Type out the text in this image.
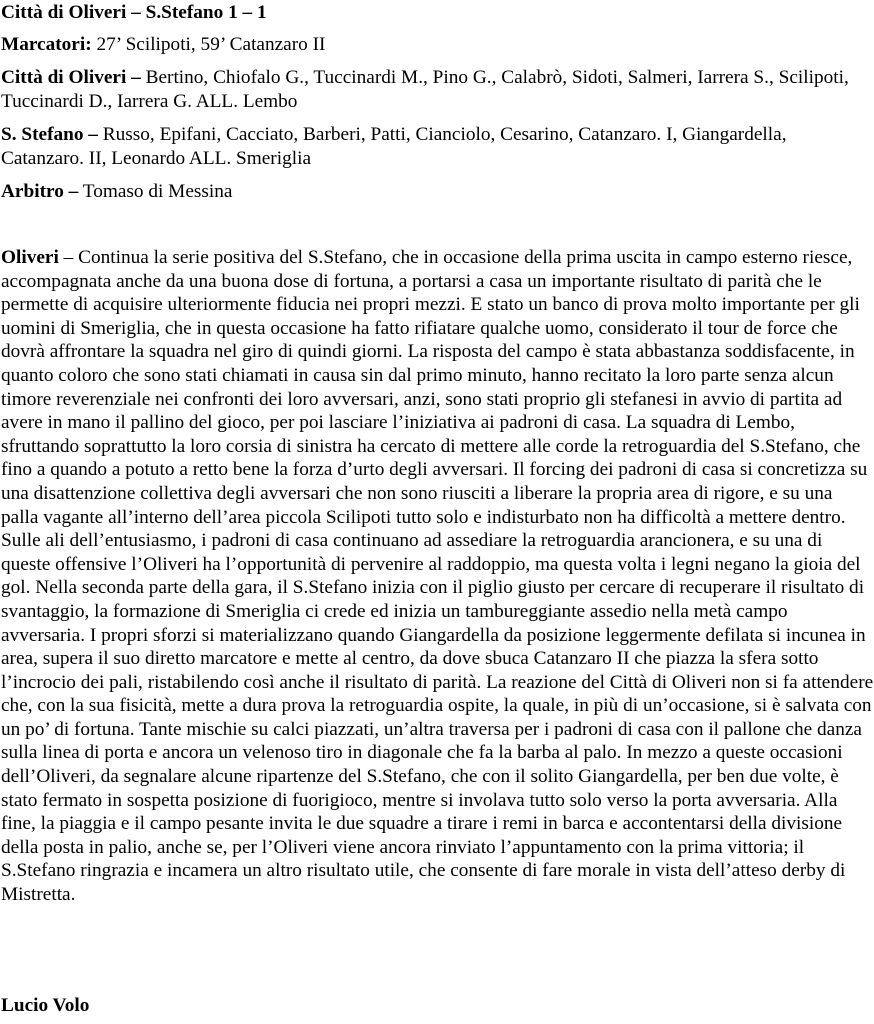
Città di Oliveri – S.Stefano 1 – 1

Marcatori: 27’ Scilipoti, 59’ Catanzaro II

Città di Oliveri – Bertino, Chiofalo G., Tuccinardi M., Pino G., Calabrò, Sidoti, Salmeri, Iarrera S., Scilipoti, Tuccinardi D., Iarrera G. ALL. Lembo

S. Stefano – Russo, Epifani, Cacciato, Barberi, Patti, Cianciolo, Cesarino, Catanzaro. I, Giangardella, Catanzaro. II, Leonardo ALL. Smeriglia

Arbitro – Tomaso di Messina

Oliveri – Continua la serie positiva del S.Stefano, che in occasione della prima uscita in campo esterno riesce, accompagnata anche da una buona dose di fortuna, a portarsi a casa un importante risultato di parità che le permette di acquisire ulteriormente fiducia nei propri mezzi. E stato un banco di prova molto importante per gli uomini di Smeriglia, che in questa occasione ha fatto rifiatare qualche uomo, considerato il tour de force che dovrà affrontare la squadra nel giro di quindi giorni. La risposta del campo è stata abbastanza soddisfacente, in quanto coloro che sono stati chiamati in causa sin dal primo minuto, hanno recitato la loro parte senza alcun timore reverenziale nei confronti dei loro avversari, anzi, sono stati proprio gli stefanesi in avvio di partita ad avere in mano il pallino del gioco, per poi lasciare l’iniziativa ai padroni di casa. La squadra di Lembo, sfruttando soprattutto la loro corsia di sinistra ha cercato di mettere alle corde la retroguardia del S.Stefano, che fino a quando a potuto a retto bene la forza d’urto degli avversari. Il forcing dei padroni di casa si concretizza su una disattenzione collettiva degli avversari che non sono riusciti a liberare la propria area di rigore, e su una palla vagante all’interno dell’area piccola Scilipoti tutto solo e indisturbato non ha difficoltà a mettere dentro. Sulle ali dell’entusiasmo, i padroni di casa continuano ad assediare la retroguardia arancionera, e su una di queste offensive l’Oliveri ha l’opportunità di pervenire al raddoppio, ma questa volta i legni negano la gioia del gol. Nella seconda parte della gara, il S.Stefano inizia con il piglio giusto per cercare di recuperare il risultato di svantaggio, la formazione di Smeriglia ci crede ed inizia un tambureggiante assedio nella metà campo avversaria. I propri sforzi si materializzano quando Giangardella da posizione leggermente defilata si incunea in area, supera il suo diretto marcatore e mette al centro, da dove sbuca Catanzaro II che piazza la sfera sotto l’incrocio dei pali, ristabilendo così anche il risultato di parità. La reazione del Città di Oliveri non si fa attendere che, con la sua fisicità, mette a dura prova la retroguardia ospite, la quale, in più di un’occasione, si è salvata con un po’ di fortuna. Tante mischie su calci piazzati, un’altra traversa per i padroni di casa con il pallone che danza sulla linea di porta e ancora un velenoso tiro in diagonale che fa la barba al palo. In mezzo a queste occasioni dell’Oliveri, da segnalare alcune ripartenze del S.Stefano, che con il solito Giangardella, per ben due volte, è stato fermato in sospetta posizione di fuorigioco, mentre si involava tutto solo verso la porta avversaria. Alla fine, la piaggia e il campo pesante invita le due squadre a tirare i remi in barca e accontentarsi della divisione della posta in palio, anche se, per l’Oliveri viene ancora rinviato l’appuntamento con la prima vittoria; il S.Stefano ringrazia e incamera un altro risultato utile, che consente di fare morale in vista dell’atteso derby di Mistretta.

Lucio Volo
